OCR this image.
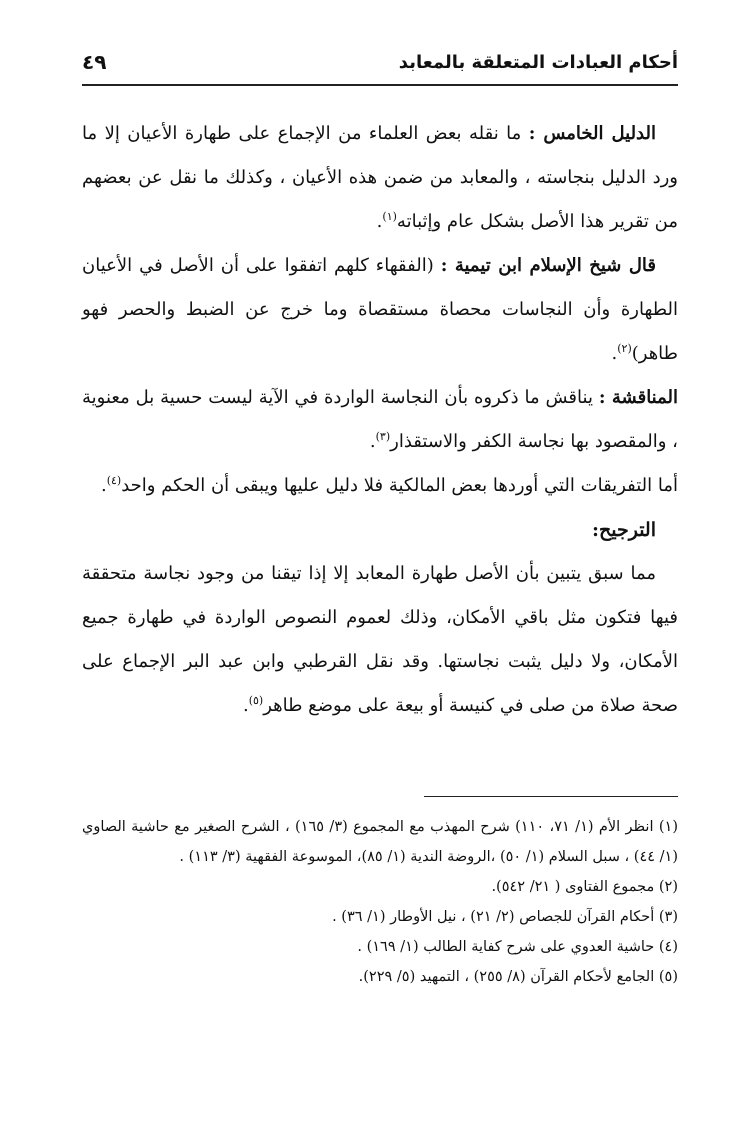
أحكام العبادات المتعلقة بالمعابد
٤٩

الدليل الخامس : ما نقله بعض العلماء من الإجماع على طهارة الأعيان إلا ما ورد الدليل بنجاسته ، والمعابد من ضمن هذه الأعيان ، وكذلك ما نقل عن بعضهم من تقرير هذا الأصل بشكل عام وإثباته$^{(١)}$.

قال شيخ الإسلام ابن تيمية : (الفقهاء كلهم اتفقوا على أن الأصل في الأعيان الطهارة وأن النجاسات محصاة مستقصاة وما خرج عن الضبط والحصر فهو طاهر)$^{(٢)}$.

المناقشة : يناقش ما ذكروه بأن النجاسة الواردة في الآية ليست حسية بل معنوية ، والمقصود بها نجاسة الكفر والاستقذار$^{(٣)}$.

أما التفريقات التي أوردها بعض المالكية فلا دليل عليها ويبقى أن الحكم واحد$^{(٤)}$.

الترجيح:

مما سبق يتبين بأن الأصل طهارة المعابد إلا إذا تيقنا من وجود نجاسة متحققة فيها فتكون مثل باقي الأمكان، وذلك لعموم النصوص الواردة في طهارة جميع الأمكان، ولا دليل يثبت نجاستها. وقد نقل القرطبي وابن عبد البر الإجماع على صحة صلاة من صلى في كنيسة أو بيعة على موضع طاهر$^{(٥)}$.

(١) انظر الأم (١/ ٧١، ١١٠) شرح المهذب مع المجموع (٣/ ١٦٥) ، الشرح الصغير مع حاشية الصاوي (١/ ٤٤) ، سبل السلام (١/ ٥٠) ،الروضة الندية (١/ ٨٥)، الموسوعة الفقهية (٣/ ١١٣) .

(٢) مجموع الفتاوى ( ٢١/ ٥٤٢).

(٣) أحكام القرآن للجصاص (٢/ ٢١) ، نيل الأوطار (١/ ٣٦) .

(٤) حاشية العدوي على شرح كفاية الطالب (١/ ١٦٩) .

(٥) الجامع لأحكام القرآن (٨/ ٢٥٥) ، التمهيد (٥/ ٢٢٩).
